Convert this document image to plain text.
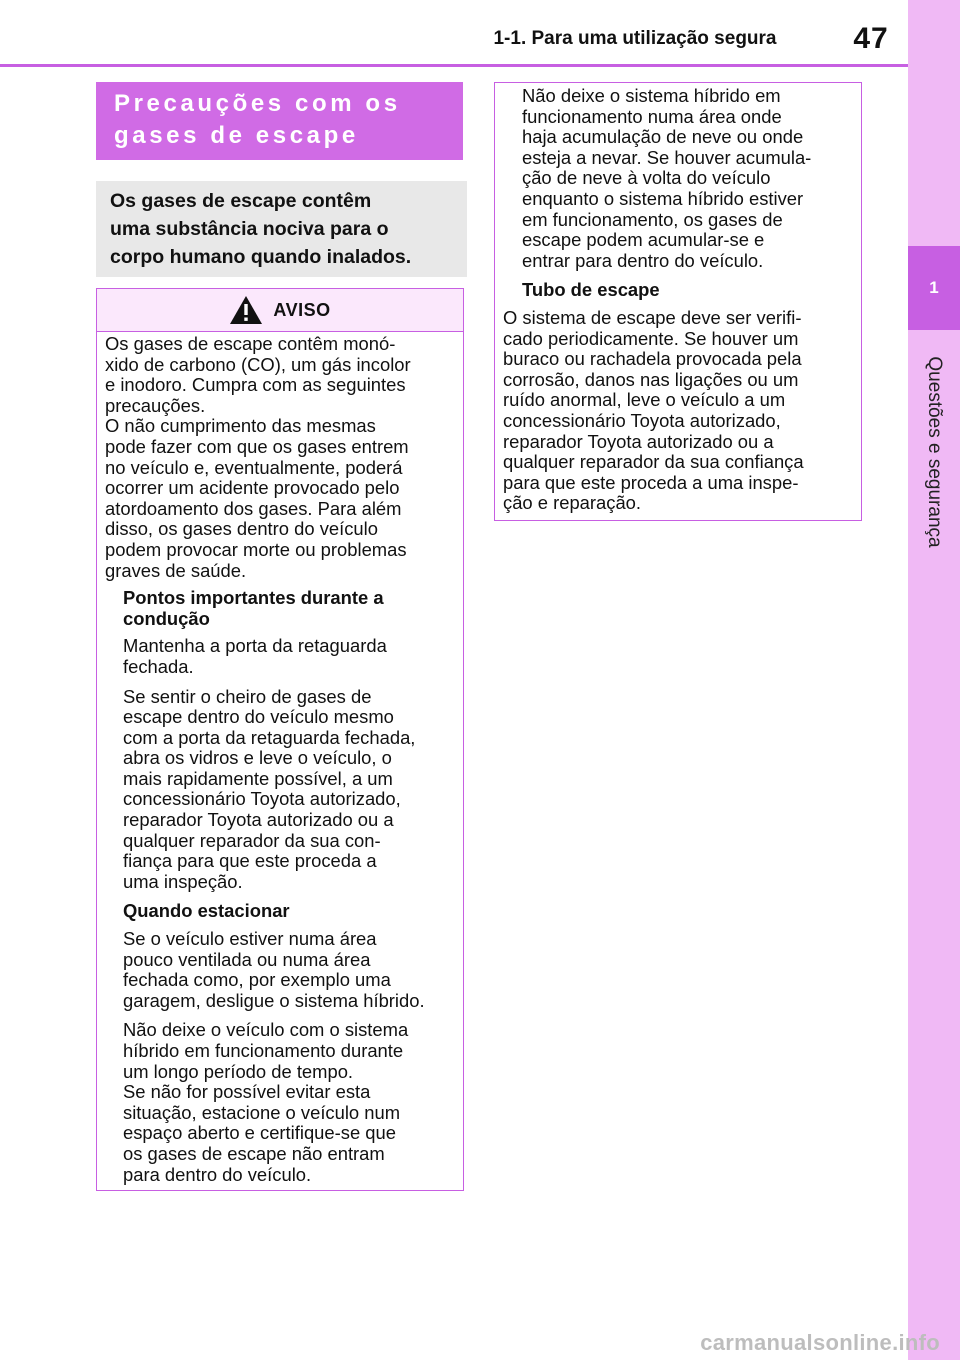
1-1. Para uma utilização segura	47
1
Questões e segurança
Precauções com os
gases de escape
Os gases de escape contêm
uma substância nociva para o
corpo humano quando inalados.
AVISO

Os gases de escape contêm monó-

xido de carbono (CO), um gás incolor

e inodoro. Cumpra com as seguintes

precauções.

O não cumprimento das mesmas

pode fazer com que os gases entrem

no veículo e, eventualmente, poderá

ocorrer um acidente provocado pelo

atordoamento dos gases. Para além

disso, os gases dentro do veículo

podem provocar morte ou problemas

graves de saúde.

Pontos importantes durante a

condução

Mantenha a porta da retaguarda

fechada.

Se sentir o cheiro de gases de

escape dentro do veículo mesmo

com a porta da retaguarda fechada,

abra os vidros e leve o veículo, o

mais rapidamente possível, a um

concessionário Toyota autorizado,

reparador Toyota autorizado ou a

qualquer reparador da sua con-

fiança para que este proceda a

uma inspeção.

Quando estacionar

Se o veículo estiver numa área

pouco ventilada ou numa área

fechada como, por exemplo uma

garagem, desligue o sistema híbrido.

Não deixe o veículo com o sistema

híbrido em funcionamento durante

um longo período de tempo.

Se não for possível evitar esta

situação, estacione o veículo num

espaço aberto e certifique-se que

os gases de escape não entram

para dentro do veículo.

Não deixe o sistema híbrido em

funcionamento numa área onde

haja acumulação de neve ou onde

esteja a nevar. Se houver acumula-

ção de neve à volta do veículo

enquanto o sistema híbrido estiver

em funcionamento, os gases de

escape podem acumular-se e

entrar para dentro do veículo.

Tubo de escape

O sistema de escape deve ser verifi-

cado periodicamente. Se houver um

buraco ou rachadela provocada pela

corrosão, danos nas ligações ou um

ruído anormal, leve o veículo a um

concessionário Toyota autorizado,

reparador Toyota autorizado ou a

qualquer reparador da sua confiança

para que este proceda a uma inspe-

ção e reparação.

carmanualsonline.info
